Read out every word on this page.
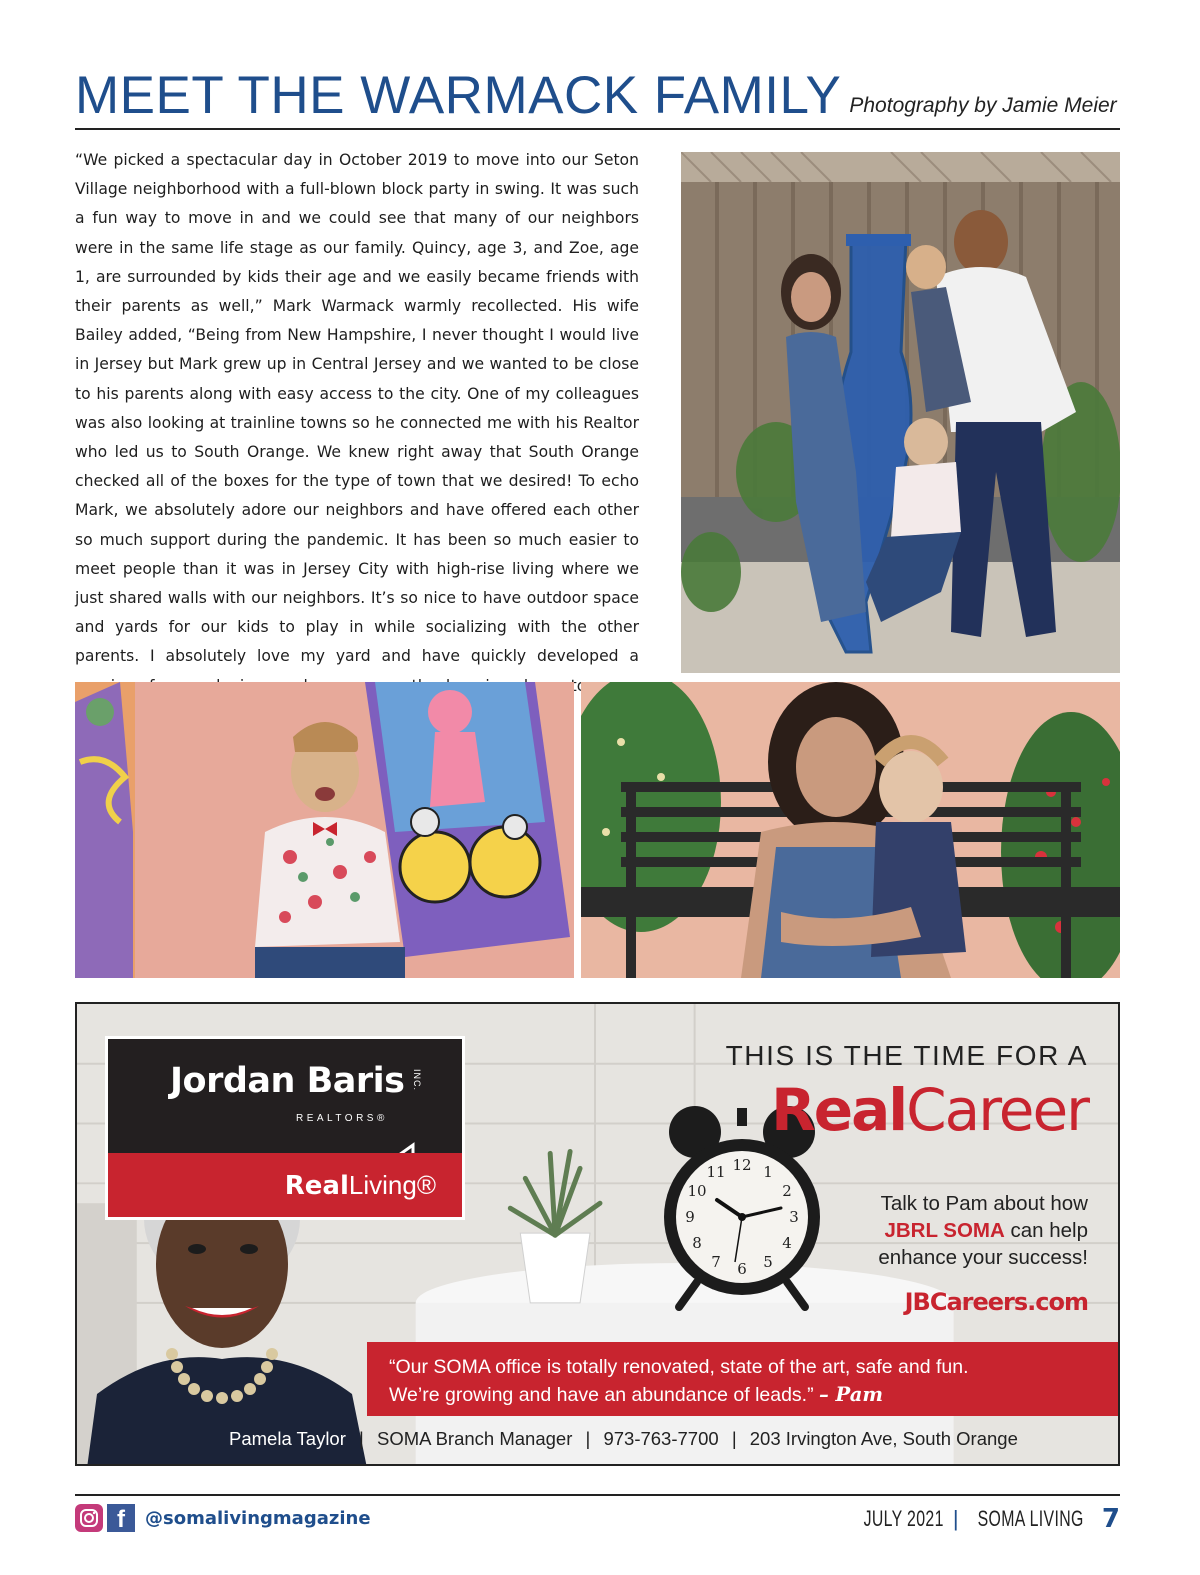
MEET THE WARMACK FAMILY Photography by Jamie Meier

“We picked a spectacular day in October 2019 to move into our Seton Village neighborhood with a full-blown block party in swing. It was such a fun way to move in and we could see that many of our neighbors were in the same life stage as our family. Quincy, age 3, and Zoe, age 1, are surrounded by kids their age and we easily became friends with their parents as well,” Mark Warmack warmly recollected. His wife Bailey added, “Being from New Hampshire, I never thought I would live in Jersey but Mark grew up in Central Jersey and we wanted to be close to his parents along with easy access to the city. One of my colleagues was also looking at trainline towns so he connected me with his Realtor who led us to South Orange. We knew right away that South Orange checked all of the boxes for the type of town that we desired! To echo Mark, we absolutely adore our neighbors and have offered each other so much support during the pandemic. It has been so much easier to meet people than it was in Jersey City with high-rise living where we just shared walls with our neighbors. It’s so nice to have outdoor space and yards for our kids to play in while socializing with the other parents. I absolutely love my yard and have quickly developed a to

12 1
2
3
4
5
6
7
8
9
10
11
Jordan Baris INC.
REALTORS®
RealLiving®
THIS IS THE TIME FOR A
RealCareer
Talk to Pam about how
JBRL SOMA can help
enhance your success!
JBCareers.com
“Our SOMA office is totally renovated, state of the art, safe and fun.
We’re growing and have an abundance of leads.” – Pam
Pamela Taylor | SOMA Branch Manager | 973-763-7700 | 203 Irvington Ave, South Orange
f	@somalivingmagazine	JULY 2021 | SOMA LIVING 7
